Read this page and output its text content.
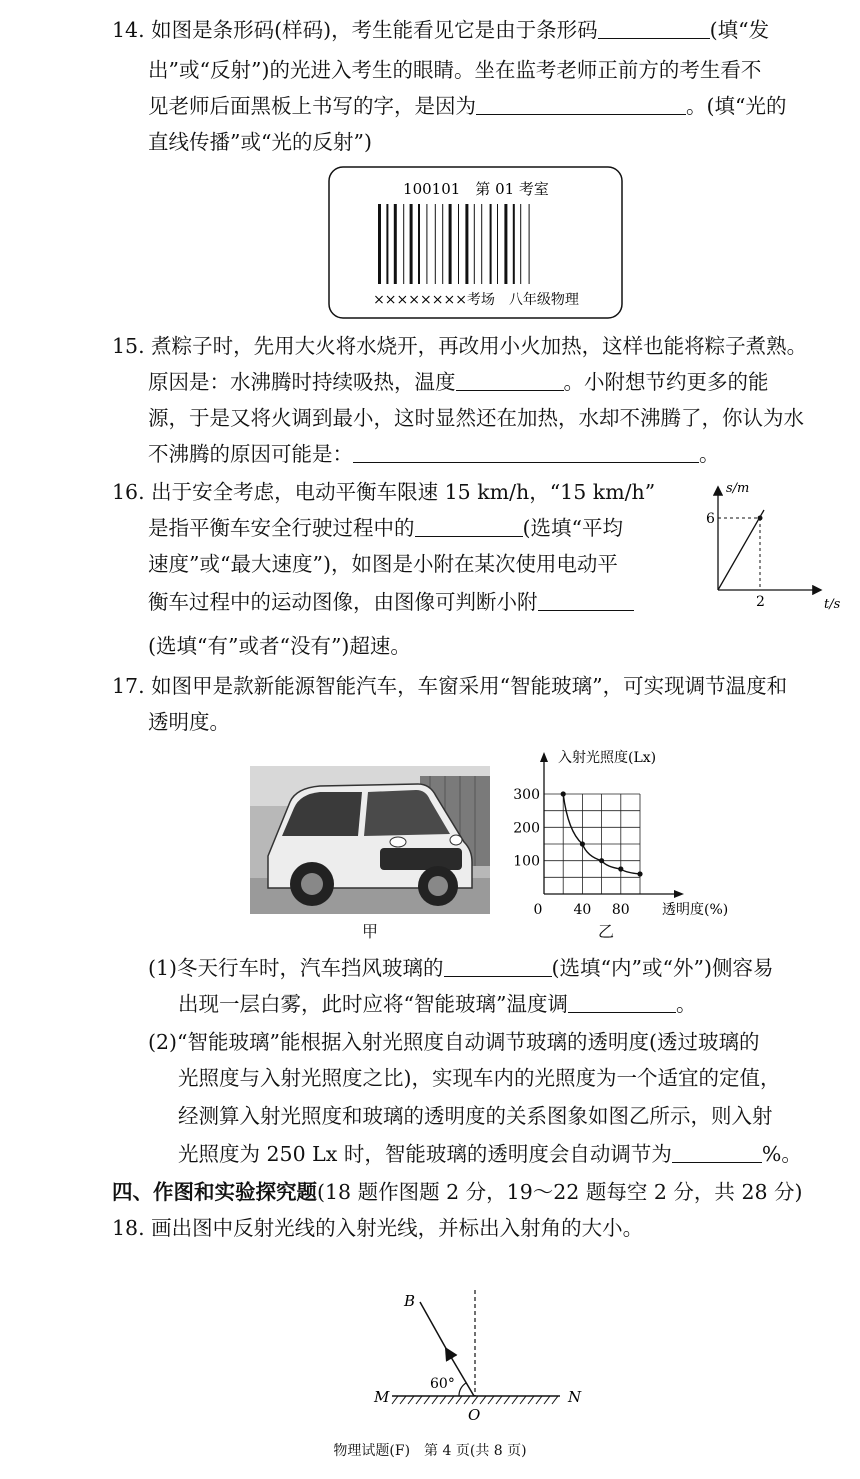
14. 如图是条形码(样码)，考生能看见它是由于条形码	(填“发
出”或“反射”)的光进入考生的眼睛。坐在监考老师正前方的考生看不
见老师后面黑板上书写的字，是因为	。(填“光的
直线传播”或“光的反射”)
100101　第 01 考室
××××××××考场　八年级物理
15. 煮粽子时，先用大火将水烧开，再改用小火加热，这样也能将粽子煮熟。
原因是：水沸腾时持续吸热，温度	。小附想节约更多的能
源，于是又将火调到最小，这时显然还在加热，水却不沸腾了，你认为水
不沸腾的原因可能是：	。
16. 出于安全考虑，电动平衡车限速 15 km/h，“15 km/h”
是指平衡车安全行驶过程中的	(选填“平均
速度”或“最大速度”)，如图是小附在某次使用电动平
衡车过程中的运动图像，由图像可判断小附
(选填“有”或者“没有”)超速。
s/m
6
2	t/s
17. 如图甲是款新能源智能汽车，车窗采用“智能玻璃”，可实现调节温度和
透明度。
甲
100
200
300
0 40 80
入射光照度(Lx)
透明度(%)
乙
(1)冬天行车时，汽车挡风玻璃的	(选填“内”或“外”)侧容易
出现一层白雾，此时应将“智能玻璃”温度调	。
(2)“智能玻璃”能根据入射光照度自动调节玻璃的透明度(透过玻璃的
光照度与入射光照度之比)，实现车内的光照度为一个适宜的定值，
经测算入射光照度和玻璃的透明度的关系图象如图乙所示，则入射
光照度为 250 Lx 时，智能玻璃的透明度会自动调节为	%。
四、作图和实验探究题(18 题作图题 2 分，19～22 题每空 2 分，共 28 分)
18. 画出图中反射光线的入射光线，并标出入射角的大小。
B
60°
M	N
O
物理试题(F)　第 4 页(共 8 页)
